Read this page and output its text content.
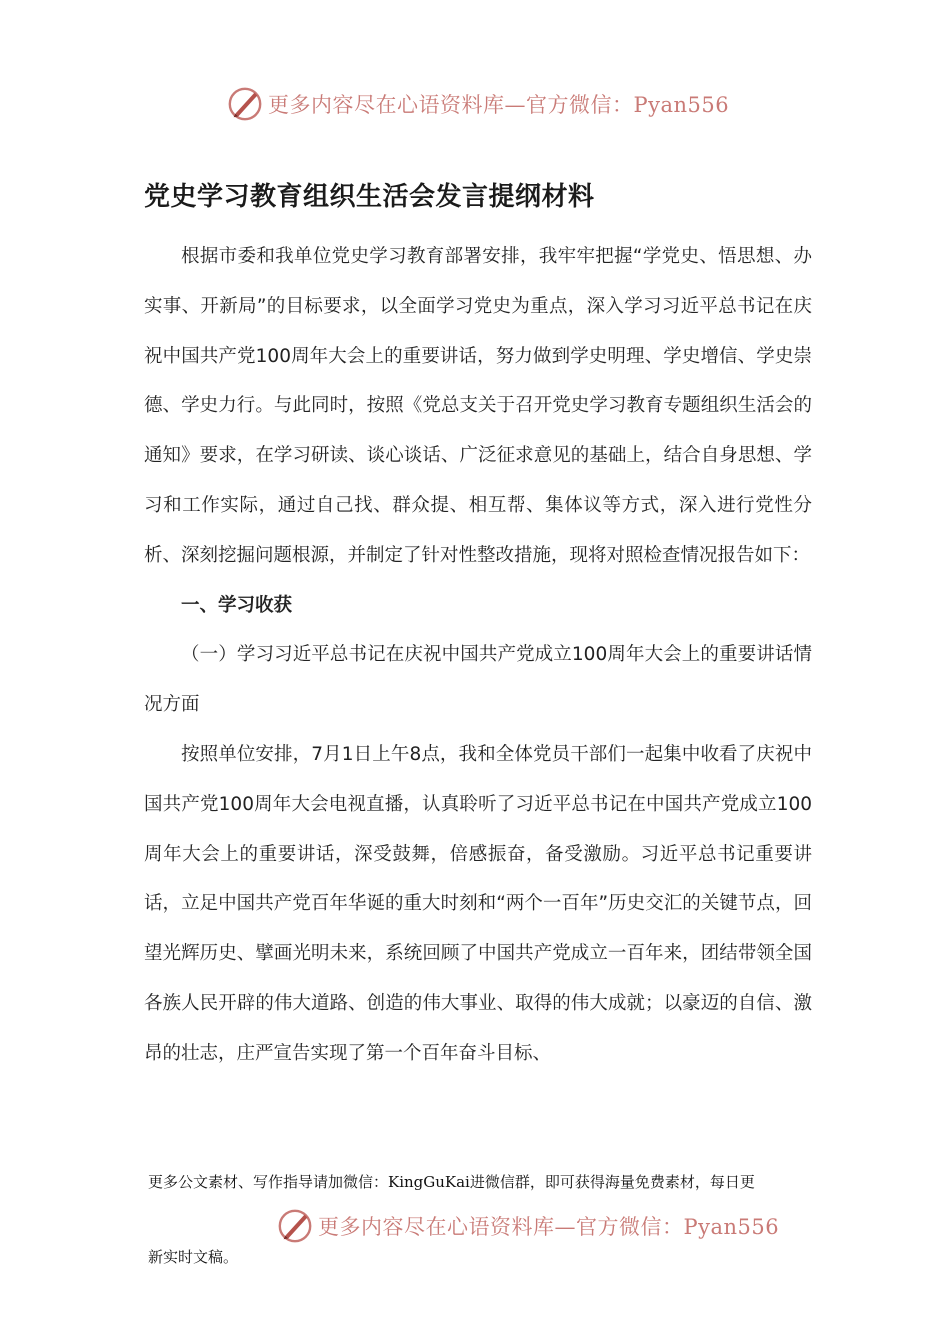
更多内容尽在心语资料库—官方微信：Pyan556
党史学习教育组织生活会发言提纲材料

根据市委和我单位党史学习教育部署安排，我牢牢把握“学党史、悟思想、办实事、开新局”的目标要求，以全面学习党史为重点，深入学习习近平总书记在庆祝中国共产党100周年大会上的重要讲话，努力做到学史明理、学史增信、学史崇德、学史力行。与此同时，按照《党总支关于召开党史学习教育专题组织生活会的通知》要求，在学习研读、谈心谈话、广泛征求意见的基础上，结合自身思想、学习和工作实际，通过自己找、群众提、相互帮、集体议等方式，深入进行党性分析、深刻挖掘问题根源，并制定了针对性整改措施，现将对照检查情况报告如下：

一、学习收获

（一）学习习近平总书记在庆祝中国共产党成立100周年大会上的重要讲话情况方面

按照单位安排，7月1日上午8点，我和全体党员干部们一起集中收看了庆祝中国共产党100周年大会电视直播，认真聆听了习近平总书记在中国共产党成立100周年大会上的重要讲话，深受鼓舞，倍感振奋，备受激励。习近平总书记重要讲话，立足中国共产党百年华诞的重大时刻和“两个一百年”历史交汇的关键节点，回望光辉历史、擘画光明未来，系统回顾了中国共产党成立一百年来，团结带领全国各族人民开辟的伟大道路、创造的伟大事业、取得的伟大成就；以豪迈的自信、激昂的壮志，庄严宣告实现了第一个百年奋斗目标、

更多公文素材、写作指导请加微信：KingGuKai进微信群，即可获得海量免费素材，每日更
更多内容尽在心语资料库—官方微信：Pyan556
新实时文稿。
